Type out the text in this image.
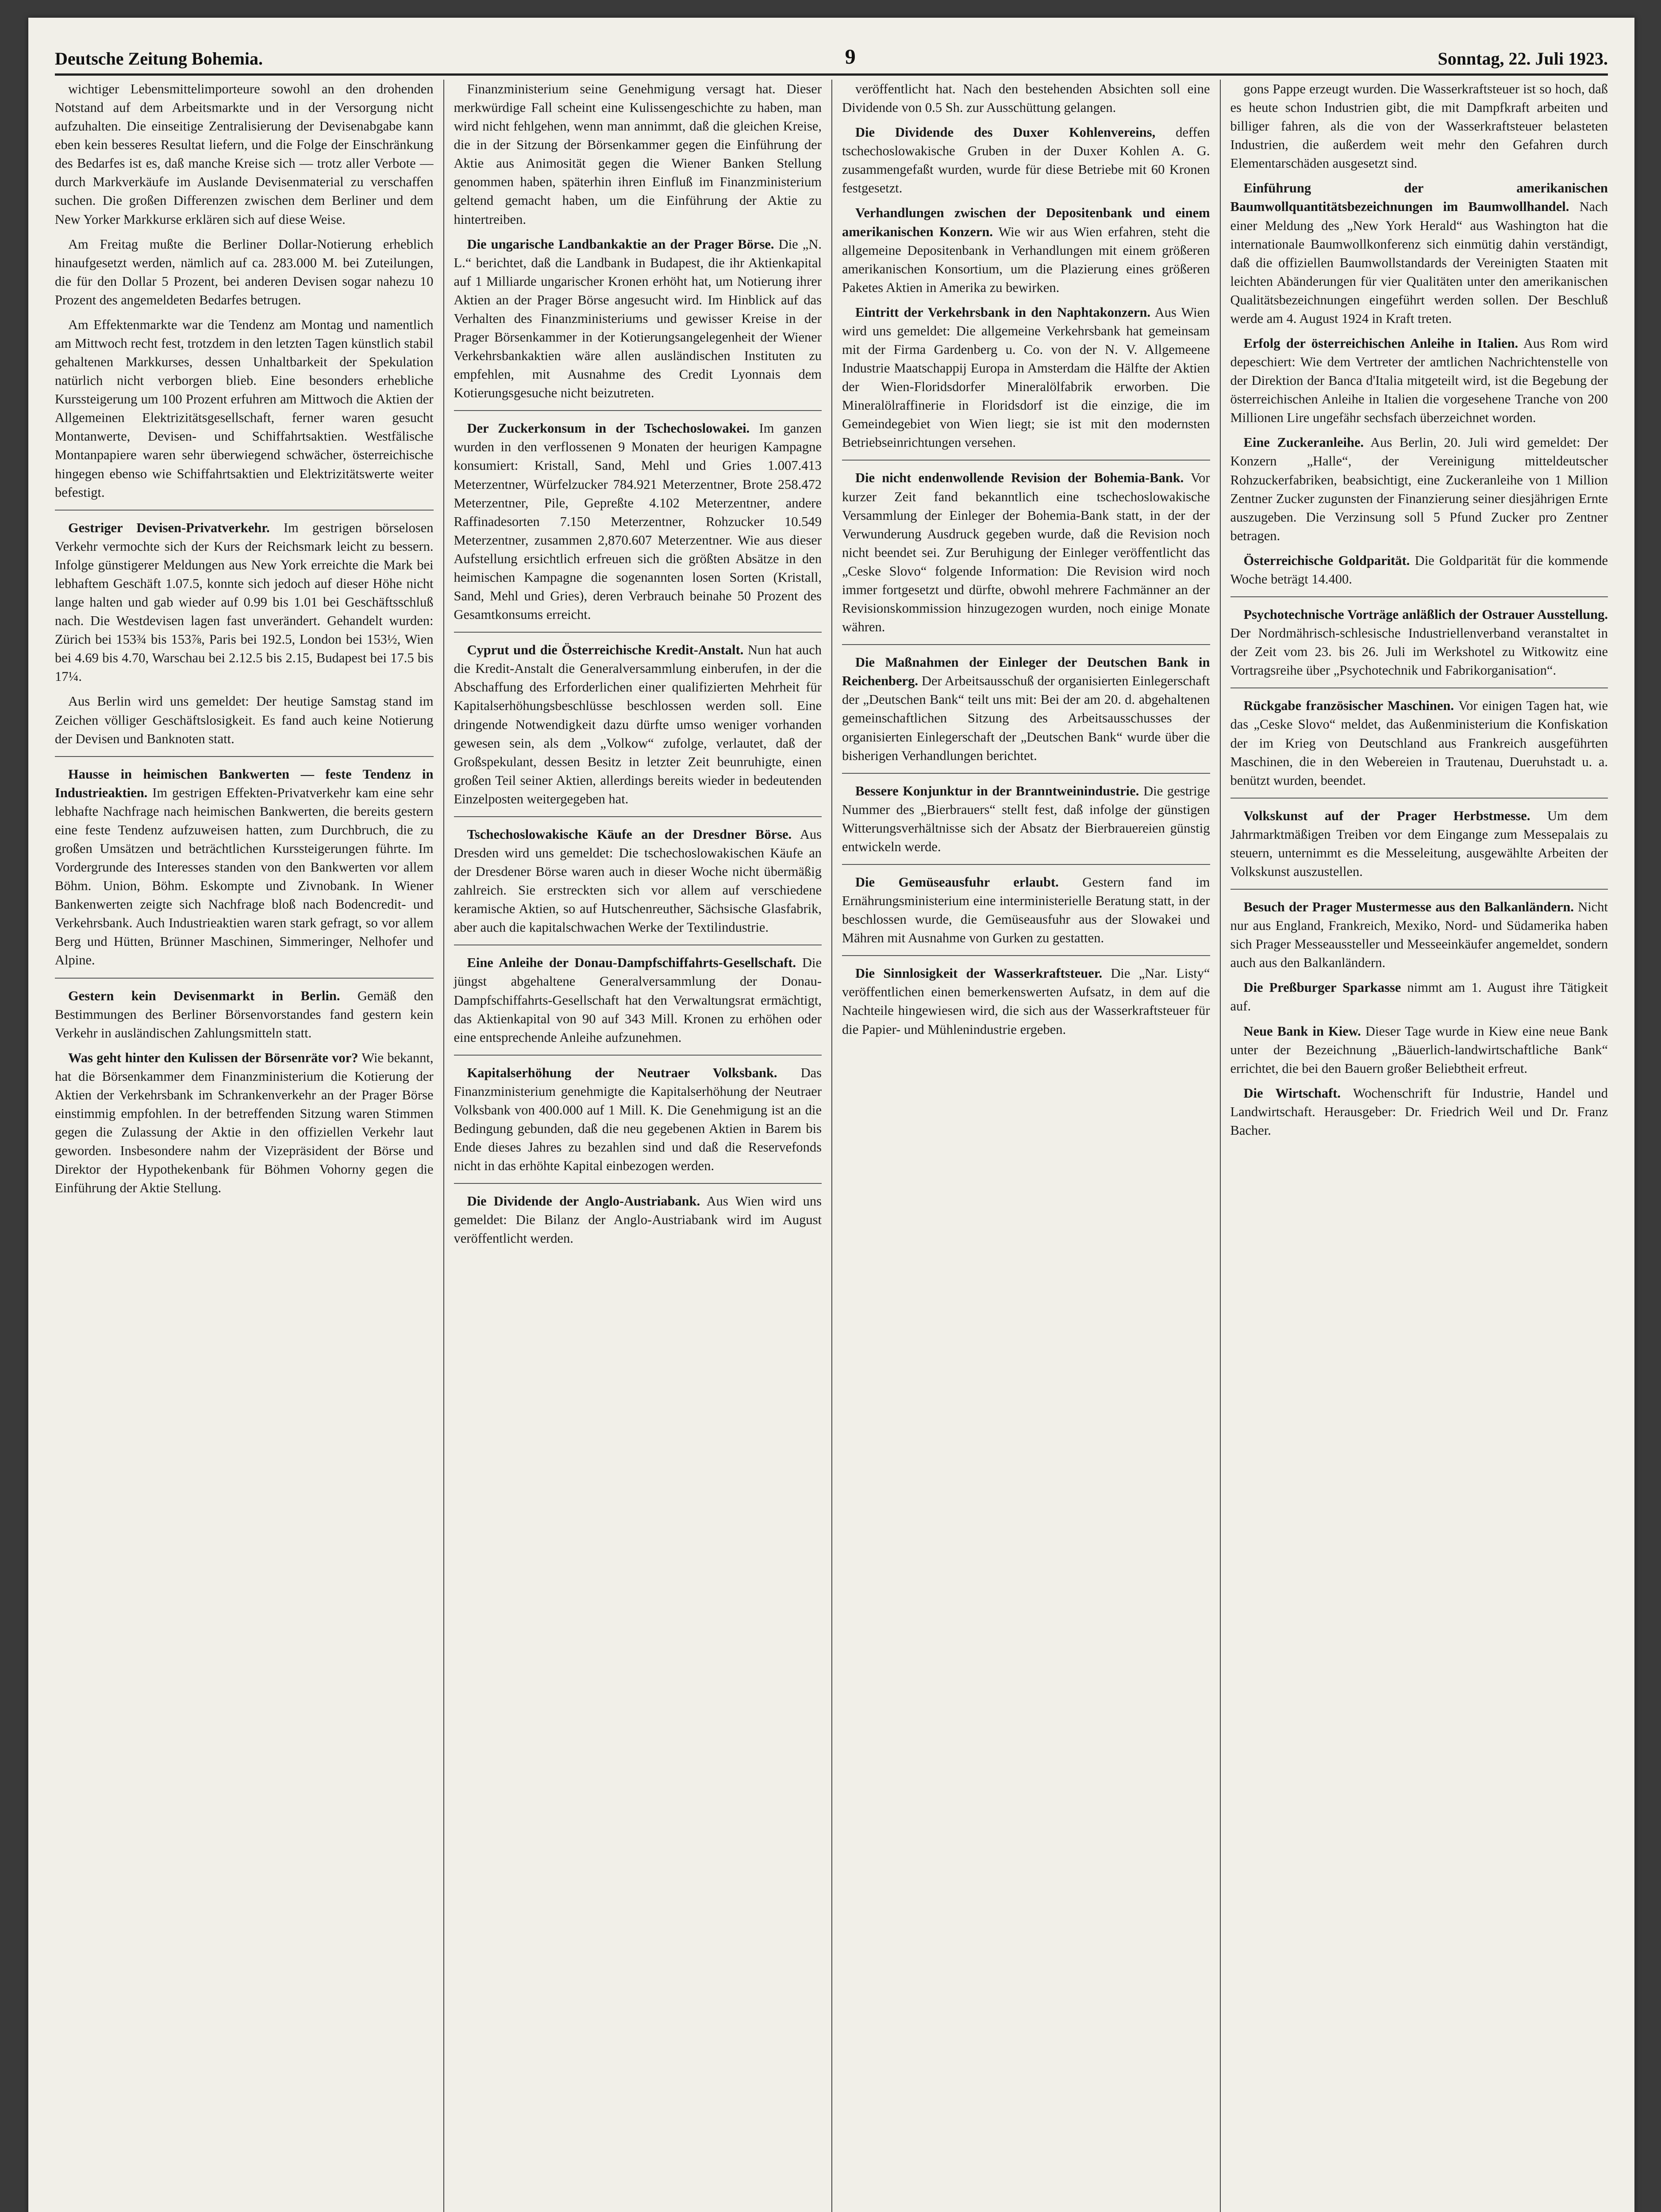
Deutsche Zeitung Bohemia.	9	Sonntag, 22. Juli 1923.

wichtiger Lebensmittelimporteure sowohl an den drohenden Notstand auf dem Arbeitsmarkte und in der Versorgung nicht aufzuhalten. Die einseitige Zentralisierung der Devisenabgabe kann eben kein besseres Resultat liefern, und die Folge der Einschränkung des Bedarfes ist es, daß manche Kreise sich — trotz aller Verbote — durch Markverkäufe im Auslande Devisenmaterial zu verschaffen suchen. Die großen Differenzen zwischen dem Berliner und dem New Yorker Markkurse erklären sich auf diese Weise.

Am Freitag mußte die Berliner Dollar-Notierung erheblich hinaufgesetzt werden, nämlich auf ca. 283.000 M. bei Zuteilungen, die für den Dollar 5 Prozent, bei anderen Devisen sogar nahezu 10 Prozent des angemeldeten Bedarfes betrugen.

Am Effektenmarkte war die Tendenz am Montag und namentlich am Mittwoch recht fest, trotzdem in den letzten Tagen künstlich stabil gehaltenen Markkurses, dessen Unhaltbarkeit der Spekulation natürlich nicht verborgen blieb. Eine besonders erhebliche Kurssteigerung um 100 Prozent erfuhren am Mittwoch die Aktien der Allgemeinen Elektrizitätsgesellschaft, ferner waren gesucht Montanwerte, Devisen- und Schiffahrtsaktien. Westfälische Montanpapiere waren sehr überwiegend schwächer, österreichische hingegen ebenso wie Schiffahrtsaktien und Elektrizitätswerte weiter befestigt.

Gestriger Devisen-Privatverkehr. Im gestrigen börselosen Verkehr vermochte sich der Kurs der Reichsmark leicht zu bessern. Infolge günstigerer Meldungen aus New York erreichte die Mark bei lebhaftem Geschäft 1.07.5, konnte sich jedoch auf dieser Höhe nicht lange halten und gab wieder auf 0.99 bis 1.01 bei Geschäftsschluß nach. Die Westdevisen lagen fast unverändert. Gehandelt wurden: Zürich bei 153¾ bis 153⅞, Paris bei 192.5, London bei 153½, Wien bei 4.69 bis 4.70, Warschau bei 2.12.5 bis 2.15, Budapest bei 17.5 bis 17¼.

Aus Berlin wird uns gemeldet: Der heutige Samstag stand im Zeichen völliger Geschäftslosigkeit. Es fand auch keine Notierung der Devisen und Banknoten statt.

Hausse in heimischen Bankwerten — feste Tendenz in Industrieaktien. Im gestrigen Effekten-Privatverkehr kam eine sehr lebhafte Nachfrage nach heimischen Bankwerten, die bereits gestern eine feste Tendenz aufzuweisen hatten, zum Durchbruch, die zu großen Umsätzen und beträchtlichen Kurssteigerungen führte. Im Vordergrunde des Interesses standen von den Bankwerten vor allem Böhm. Union, Böhm. Eskompte und Zivnobank. In Wiener Bankenwerten zeigte sich Nachfrage bloß nach Bodencredit- und Verkehrsbank. Auch Industrieaktien waren stark gefragt, so vor allem Berg und Hütten, Brünner Maschinen, Simmeringer, Nelhofer und Alpine.

Gestern kein Devisenmarkt in Berlin. Gemäß den Bestimmungen des Berliner Börsenvorstandes fand gestern kein Verkehr in ausländischen Zahlungsmitteln statt.

Was geht hinter den Kulissen der Börsenräte vor? Wie bekannt, hat die Börsenkammer dem Finanzministerium die Kotierung der Aktien der Verkehrsbank im Schrankenverkehr an der Prager Börse einstimmig empfohlen. In der betreffenden Sitzung waren Stimmen gegen die Zulassung der Aktie in den offiziellen Verkehr laut geworden. Insbesondere nahm der Vizepräsident der Börse und Direktor der Hypothekenbank für Böhmen Vohorny gegen die Einführung der Aktie Stellung.

Finanzministerium seine Genehmigung versagt hat. Dieser merkwürdige Fall scheint eine Kulissengeschichte zu haben, man wird nicht fehlgehen, wenn man annimmt, daß die gleichen Kreise, die in der Sitzung der Börsenkammer gegen die Einführung der Aktie aus Animosität gegen die Wiener Banken Stellung genommen haben, späterhin ihren Einfluß im Finanzministerium geltend gemacht haben, um die Einführung der Aktie zu hintertreiben.

Die ungarische Landbankaktie an der Prager Börse. Die „N. L.“ berichtet, daß die Landbank in Budapest, die ihr Aktienkapital auf 1 Milliarde ungarischer Kronen erhöht hat, um Notierung ihrer Aktien an der Prager Börse angesucht wird. Im Hinblick auf das Verhalten des Finanzministeriums und gewisser Kreise in der Prager Börsenkammer in der Kotierungsangelegenheit der Wiener Verkehrsbankaktien wäre allen ausländischen Instituten zu empfehlen, mit Ausnahme des Credit Lyonnais dem Kotierungsgesuche nicht beizutreten.

Der Zuckerkonsum in der Tschechoslowakei. Im ganzen wurden in den verflossenen 9 Monaten der heurigen Kampagne konsumiert: Kristall, Sand, Mehl und Gries 1.007.413 Meterzentner, Würfelzucker 784.921 Meterzentner, Brote 258.472 Meterzentner, Pile, Gepreßte 4.102 Meterzentner, andere Raffinadesorten 7.150 Meterzentner, Rohzucker 10.549 Meterzentner, zusammen 2,870.607 Meterzentner. Wie aus dieser Aufstellung ersichtlich erfreuen sich die größten Absätze in den heimischen Kampagne die sogenannten losen Sorten (Kristall, Sand, Mehl und Gries), deren Verbrauch beinahe 50 Prozent des Gesamtkonsums erreicht.

Cyprut und die Österreichische Kredit-Anstalt. Nun hat auch die Kredit-Anstalt die Generalversammlung einberufen, in der die Abschaffung des Erforderlichen einer qualifizierten Mehrheit für Kapitalserhöhungsbeschlüsse beschlossen werden soll. Eine dringende Notwendigkeit dazu dürfte umso weniger vorhanden gewesen sein, als dem „Volkow“ zufolge, verlautet, daß der Großspekulant, dessen Besitz in letzter Zeit beunruhigte, einen großen Teil seiner Aktien, allerdings bereits wieder in bedeutenden Einzelposten weitergegeben hat.

Tschechoslowakische Käufe an der Dresdner Börse. Aus Dresden wird uns gemeldet: Die tschechoslowakischen Käufe an der Dresdener Börse waren auch in dieser Woche nicht übermäßig zahlreich. Sie erstreckten sich vor allem auf verschiedene keramische Aktien, so auf Hutschenreuther, Sächsische Glasfabrik, aber auch die kapitalschwachen Werke der Textilindustrie.

Eine Anleihe der Donau-Dampfschiffahrts-Gesellschaft. Die jüngst abgehaltene Generalversammlung der Donau-Dampfschiffahrts-Gesellschaft hat den Verwaltungsrat ermächtigt, das Aktienkapital von 90 auf 343 Mill. Kronen zu erhöhen oder eine entsprechende Anleihe aufzunehmen.

Kapitalserhöhung der Neutraer Volksbank. Das Finanzministerium genehmigte die Kapitalserhöhung der Neutraer Volksbank von 400.000 auf 1 Mill. K. Die Genehmigung ist an die Bedingung gebunden, daß die neu gegebenen Aktien in Barem bis Ende dieses Jahres zu bezahlen sind und daß die Reservefonds nicht in das erhöhte Kapital einbezogen werden.

Die Dividende der Anglo-Austriabank. Aus Wien wird uns gemeldet: Die Bilanz der Anglo-Austriabank wird im August veröffentlicht werden.

veröffentlicht hat. Nach den bestehenden Absichten soll eine Dividende von 0.5 Sh. zur Ausschüttung gelangen.

Die Dividende des Duxer Kohlenvereins, deffen tschechoslowakische Gruben in der Duxer Kohlen A. G. zusammengefaßt wurden, wurde für diese Betriebe mit 60 Kronen festgesetzt.

Verhandlungen zwischen der Depositenbank und einem amerikanischen Konzern. Wie wir aus Wien erfahren, steht die allgemeine Depositenbank in Verhandlungen mit einem größeren amerikanischen Konsortium, um die Plazierung eines größeren Paketes Aktien in Amerika zu bewirken.

Eintritt der Verkehrsbank in den Naphtakonzern. Aus Wien wird uns gemeldet: Die allgemeine Verkehrsbank hat gemeinsam mit der Firma Gardenberg u. Co. von der N. V. Allgemeene Industrie Maatschappij Europa in Amsterdam die Hälfte der Aktien der Wien-Floridsdorfer Mineralölfabrik erworben. Die Mineralölraffinerie in Floridsdorf ist die einzige, die im Gemeindegebiet von Wien liegt; sie ist mit den modernsten Betriebseinrichtungen versehen.

Die nicht endenwollende Revision der Bohemia-Bank. Vor kurzer Zeit fand bekanntlich eine tschechoslowakische Versammlung der Einleger der Bohemia-Bank statt, in der der Verwunderung Ausdruck gegeben wurde, daß die Revision noch nicht beendet sei. Zur Beruhigung der Einleger veröffentlicht das „Ceske Slovo“ folgende Information: Die Revision wird noch immer fortgesetzt und dürfte, obwohl mehrere Fachmänner an der Revisionskommission hinzugezogen wurden, noch einige Monate währen.

Die Maßnahmen der Einleger der Deutschen Bank in Reichenberg. Der Arbeitsausschuß der organisierten Einlegerschaft der „Deutschen Bank“ teilt uns mit: Bei der am 20. d. abgehaltenen gemeinschaftlichen Sitzung des Arbeitsausschusses der organisierten Einlegerschaft der „Deutschen Bank“ wurde über die bisherigen Verhandlungen berichtet.

Bessere Konjunktur in der Branntweinindustrie. Die gestrige Nummer des „Bierbrauers“ stellt fest, daß infolge der günstigen Witterungsverhältnisse sich der Absatz der Bierbrauereien günstig entwickeln werde.

Die Gemüseausfuhr erlaubt. Gestern fand im Ernährungsministerium eine interministerielle Beratung statt, in der beschlossen wurde, die Gemüseausfuhr aus der Slowakei und Mähren mit Ausnahme von Gurken zu gestatten.

Die Sinnlosigkeit der Wasserkraftsteuer. Die „Nar. Listy“ veröffentlichen einen bemerkenswerten Aufsatz, in dem auf die Nachteile hingewiesen wird, die sich aus der Wasserkraftsteuer für die Papier- und Mühlenindustrie ergeben.

gons Pappe erzeugt wurden. Die Wasserkraftsteuer ist so hoch, daß es heute schon Industrien gibt, die mit Dampfkraft arbeiten und billiger fahren, als die von der Wasserkraftsteuer belasteten Industrien, die außerdem weit mehr den Gefahren durch Elementarschäden ausgesetzt sind.

Einführung der amerikanischen Baumwollquantitätsbezeichnungen im Baumwollhandel. Nach einer Meldung des „New York Herald“ aus Washington hat die internationale Baumwollkonferenz sich einmütig dahin verständigt, daß die offiziellen Baumwollstandards der Vereinigten Staaten mit leichten Abänderungen für vier Qualitäten unter den amerikanischen Qualitätsbezeichnungen eingeführt werden sollen. Der Beschluß werde am 4. August 1924 in Kraft treten.

Erfolg der österreichischen Anleihe in Italien. Aus Rom wird depeschiert: Wie dem Vertreter der amtlichen Nachrichtenstelle von der Direktion der Banca d'Italia mitgeteilt wird, ist die Begebung der österreichischen Anleihe in Italien die vorgesehene Tranche von 200 Millionen Lire ungefähr sechsfach überzeichnet worden.

Eine Zuckeranleihe. Aus Berlin, 20. Juli wird gemeldet: Der Konzern „Halle“, der Vereinigung mitteldeutscher Rohzuckerfabriken, beabsichtigt, eine Zuckeranleihe von 1 Million Zentner Zucker zugunsten der Finanzierung seiner diesjährigen Ernte auszugeben. Die Verzinsung soll 5 Pfund Zucker pro Zentner betragen.

Österreichische Goldparität. Die Goldparität für die kommende Woche beträgt 14.400.

Psychotechnische Vorträge anläßlich der Ostrauer Ausstellung. Der Nordmährisch-schlesische Industriellenverband veranstaltet in der Zeit vom 23. bis 26. Juli im Werkshotel zu Witkowitz eine Vortragsreihe über „Psychotechnik und Fabrikorganisation“.

Rückgabe französischer Maschinen. Vor einigen Tagen hat, wie das „Ceske Slovo“ meldet, das Außenministerium die Konfiskation der im Krieg von Deutschland aus Frankreich ausgeführten Maschinen, die in den Webereien in Trautenau, Dueruhstadt u. a. benützt wurden, beendet.

Volkskunst auf der Prager Herbstmesse. Um dem Jahrmarktmäßigen Treiben vor dem Eingange zum Messepalais zu steuern, unternimmt es die Messeleitung, ausgewählte Arbeiten der Volkskunst auszustellen.

Besuch der Prager Mustermesse aus den Balkanländern. Nicht nur aus England, Frankreich, Mexiko, Nord- und Südamerika haben sich Prager Messeaussteller und Messeeinkäufer angemeldet, sondern auch aus den Balkanländern.

Die Preßburger Sparkasse nimmt am 1. August ihre Tätigkeit auf.

Neue Bank in Kiew. Dieser Tage wurde in Kiew eine neue Bank unter der Bezeichnung „Bäuerlich-landwirtschaftliche Bank“ errichtet, die bei den Bauern großer Beliebtheit erfreut.

Die Wirtschaft. Wochenschrift für Industrie, Handel und Landwirtschaft. Herausgeber: Dr. Friedrich Weil und Dr. Franz Bacher.
